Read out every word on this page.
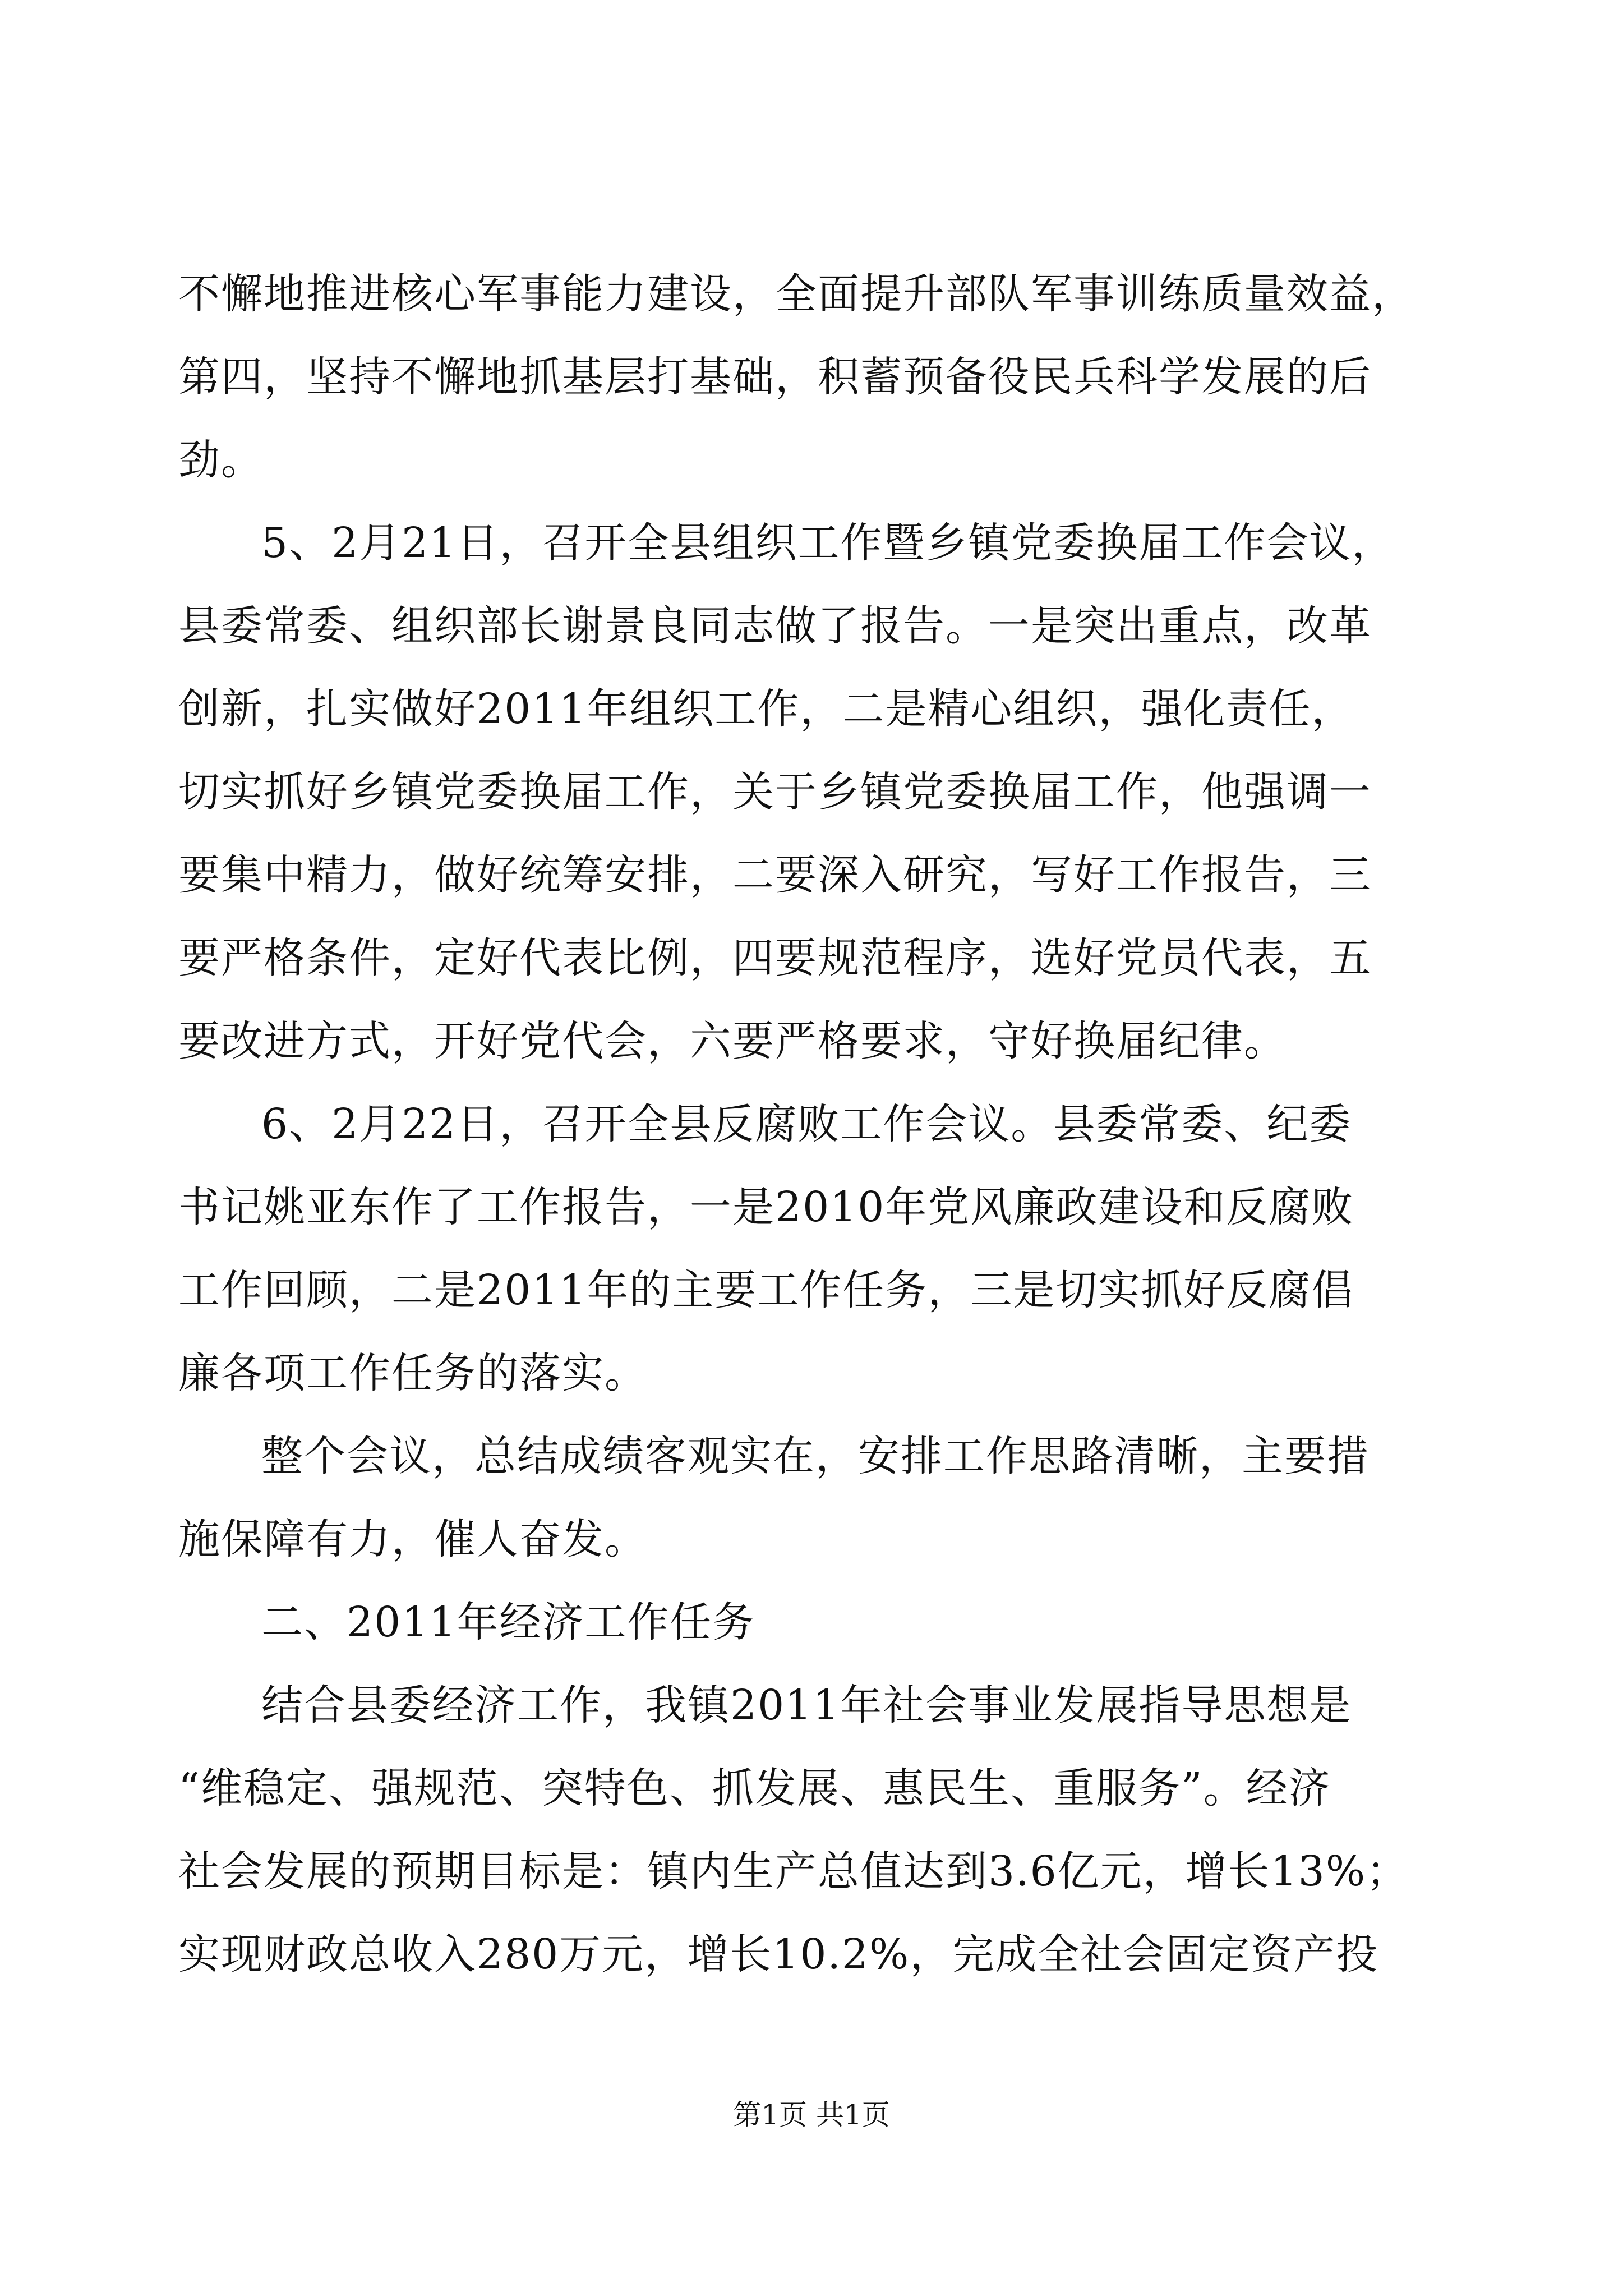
不懈地推进核心军事能力建设，全面提升部队军事训练质量效益，
第四，坚持不懈地抓基层打基础，积蓄预备役民兵科学发展的后
劲。
5、2月21日，召开全县组织工作暨乡镇党委换届工作会议，
县委常委、组织部长谢景良同志做了报告。一是突出重点，改革
创新，扎实做好2011年组织工作，二是精心组织，强化责任，
切实抓好乡镇党委换届工作，关于乡镇党委换届工作，他强调一
要集中精力，做好统筹安排，二要深入研究，写好工作报告，三
要严格条件，定好代表比例，四要规范程序，选好党员代表，五
要改进方式，开好党代会，六要严格要求，守好换届纪律。
6、2月22日，召开全县反腐败工作会议。县委常委、纪委
书记姚亚东作了工作报告，一是2010年党风廉政建设和反腐败
工作回顾，二是2011年的主要工作任务，三是切实抓好反腐倡
廉各项工作任务的落实。
整个会议，总结成绩客观实在，安排工作思路清晰，主要措
施保障有力，催人奋发。
二、2011年经济工作任务
结合县委经济工作，我镇2011年社会事业发展指导思想是
“维稳定、强规范、突特色、抓发展、惠民生、重服务”。经济
社会发展的预期目标是：镇内生产总值达到3.6亿元，增长13%；
实现财政总收入280万元，增长10.2%，完成全社会固定资产投
第1页 共1页
